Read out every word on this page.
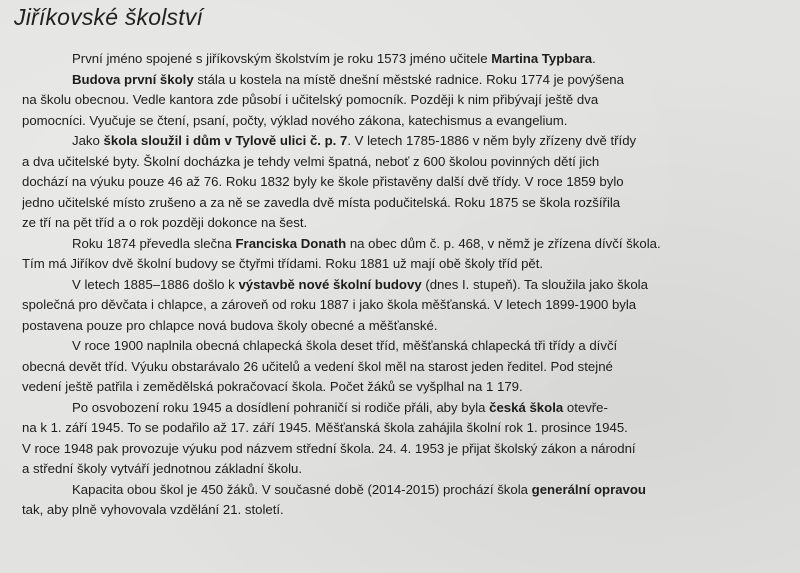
Jiříkovské školství
První jméno spojené s jiříkovským školstvím je roku 1573 jméno učitele Martina Typbara.
Budova první školy stála u kostela na místě dnešní městské radnice. Roku 1774 je povýšena
na školu obecnou. Vedle kantora zde působí i učitelský pomocník. Později k nim přibývají ještě dva
pomocníci. Vyučuje se čtení, psaní, počty, výklad nového zákona, katechismus a evangelium.
Jako škola sloužil i dům v Tylově ulici č. p. 7. V letech 1785-1886 v něm byly zřízeny dvě třídy
a dva učitelské byty. Školní docházka je tehdy velmi špatná, neboť z 600 školou povinných dětí jich
dochází na výuku pouze 46 až 76. Roku 1832 byly ke škole přistavěny další dvě třídy. V roce 1859 bylo
jedno učitelské místo zrušeno a za ně se zavedla dvě místa podučitelská. Roku 1875 se škola rozšířila
ze tří na pět tříd a o rok později dokonce na šest.
Roku 1874 převedla slečna Franciska Donath na obec dům č. p. 468, v němž je zřízena dívčí škola.
Tím má Jiříkov dvě školní budovy se čtyřmi třídami. Roku 1881 už mají obě školy tříd pět.
V letech 1885–1886 došlo k výstavbě nové školní budovy (dnes I. stupeň). Ta sloužila jako škola
společná pro děvčata i chlapce, a zároveň od roku 1887 i jako škola měšťanská. V letech 1899-1900 byla
postavena pouze pro chlapce nová budova školy obecné a měšťanské.
V roce 1900 naplnila obecná chlapecká škola deset tříd, měšťanská chlapecká tři třídy a dívčí
obecná devět tříd. Výuku obstarávalo 26 učitelů a vedení škol měl na starost jeden ředitel. Pod stejné
vedení ještě patřila i zemědělská pokračovací škola. Počet žáků se vyšplhal na 1 179.
Po osvobození roku 1945 a dosídlení pohraničí si rodiče přáli, aby byla česká škola otevře-
na k 1. září 1945. To se podařilo až 17. září 1945. Měšťanská škola zahájila školní rok 1. prosince 1945.
V roce 1948 pak provozuje výuku pod názvem střední škola. 24. 4. 1953 je přijat školský zákon a národní
a střední školy vytváří jednotnou základní školu.
Kapacita obou škol je 450 žáků. V současné době (2014-2015) prochází škola generální opravou
tak, aby plně vyhovovala vzdělání 21. století.
